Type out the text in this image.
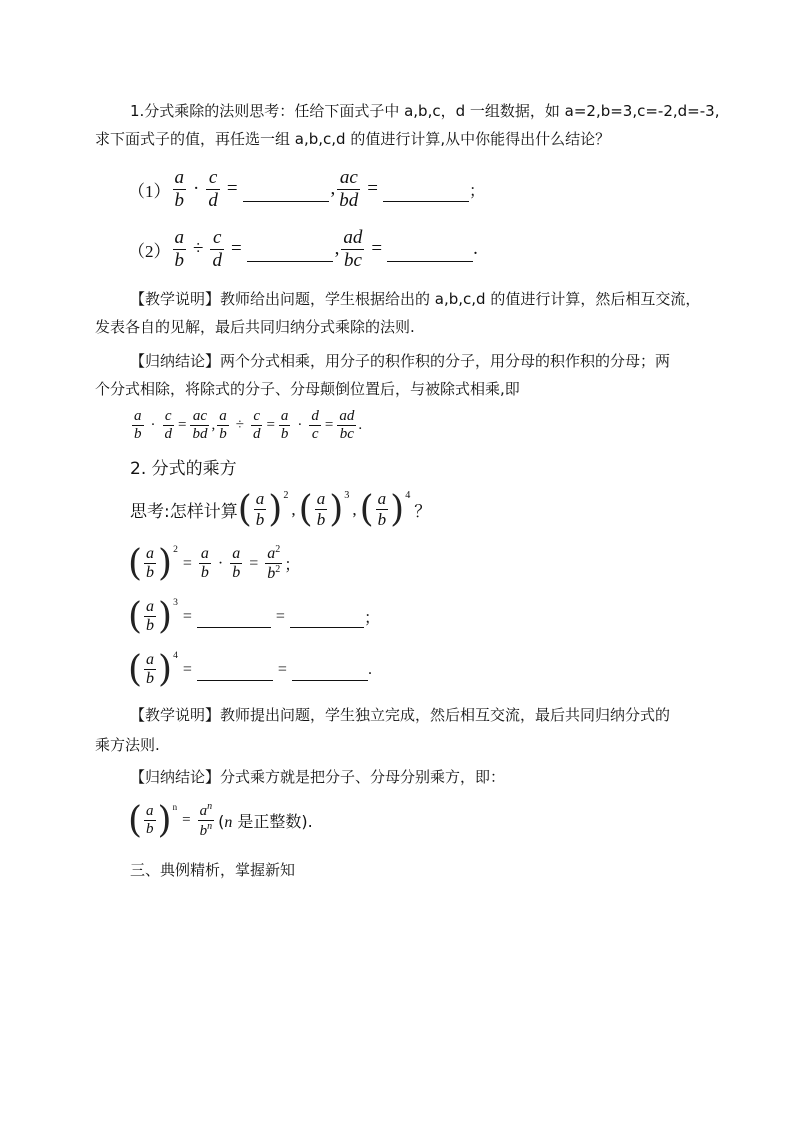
1.分式乘除的法则思考：任给下面式子中 a,b,c，d 一组数据，如 a=2,b=3,c=-2,d=-3,
求下面式子的值，再任选一组 a,b,c,d 的值进行计算,从中你能得出什么结论？
$(1) \frac{a}{b} \cdot \frac{c}{d}$ =	, $\frac{ac}{bd}$ =	；
$(2) \frac{a}{b} \div \frac{c}{d}$ =	, $\frac{ad}{bc}$ =	.
【教学说明】教师给出问题，学生根据给出的 a,b,c,d 的值进行计算，然后相互交流，
发表各自的见解，最后共同归纳分式乘除的法则.
【归纳结论】两个分式相乘，用分子的积作积的分子，用分母的积作积的分母；两
个分式相除，将除式的分子、分母颠倒位置后，与被除式相乘,即
$\frac{a}{b} \cdot \frac{c}{d} = \frac{ac}{bd}$ , $\frac{a}{b} \div \frac{c}{d} = \frac{a}{b} \cdot \frac{d}{c} = \frac{ad}{bc}$ .
2. 分式的乘方
思考:怎样计算 ( $\frac{a}{b}$ ) 2
, ( $\frac{a}{b}$ ) 3
, ( $\frac{a}{b}$ ) 4
？
( $\frac{a}{b}$ ) 2
= $\frac{a}{b} \cdot \frac{a}{b} = \frac{a^2}{b^2}$ ；
( $\frac{a}{b}$ ) 3
=	=	；
( $\frac{a}{b}$ ) 4
=	=	.
【教学说明】教师提出问题，学生独立完成，然后相互交流，最后共同归纳分式的
乘方法则.
【归纳结论】分式乘方就是把分子、分母分别乘方，即：
( $\frac{a}{b}$ ) n
= $\frac{a^n}{b^n} (n$ 是正整数).
三、典例精析，掌握新知
